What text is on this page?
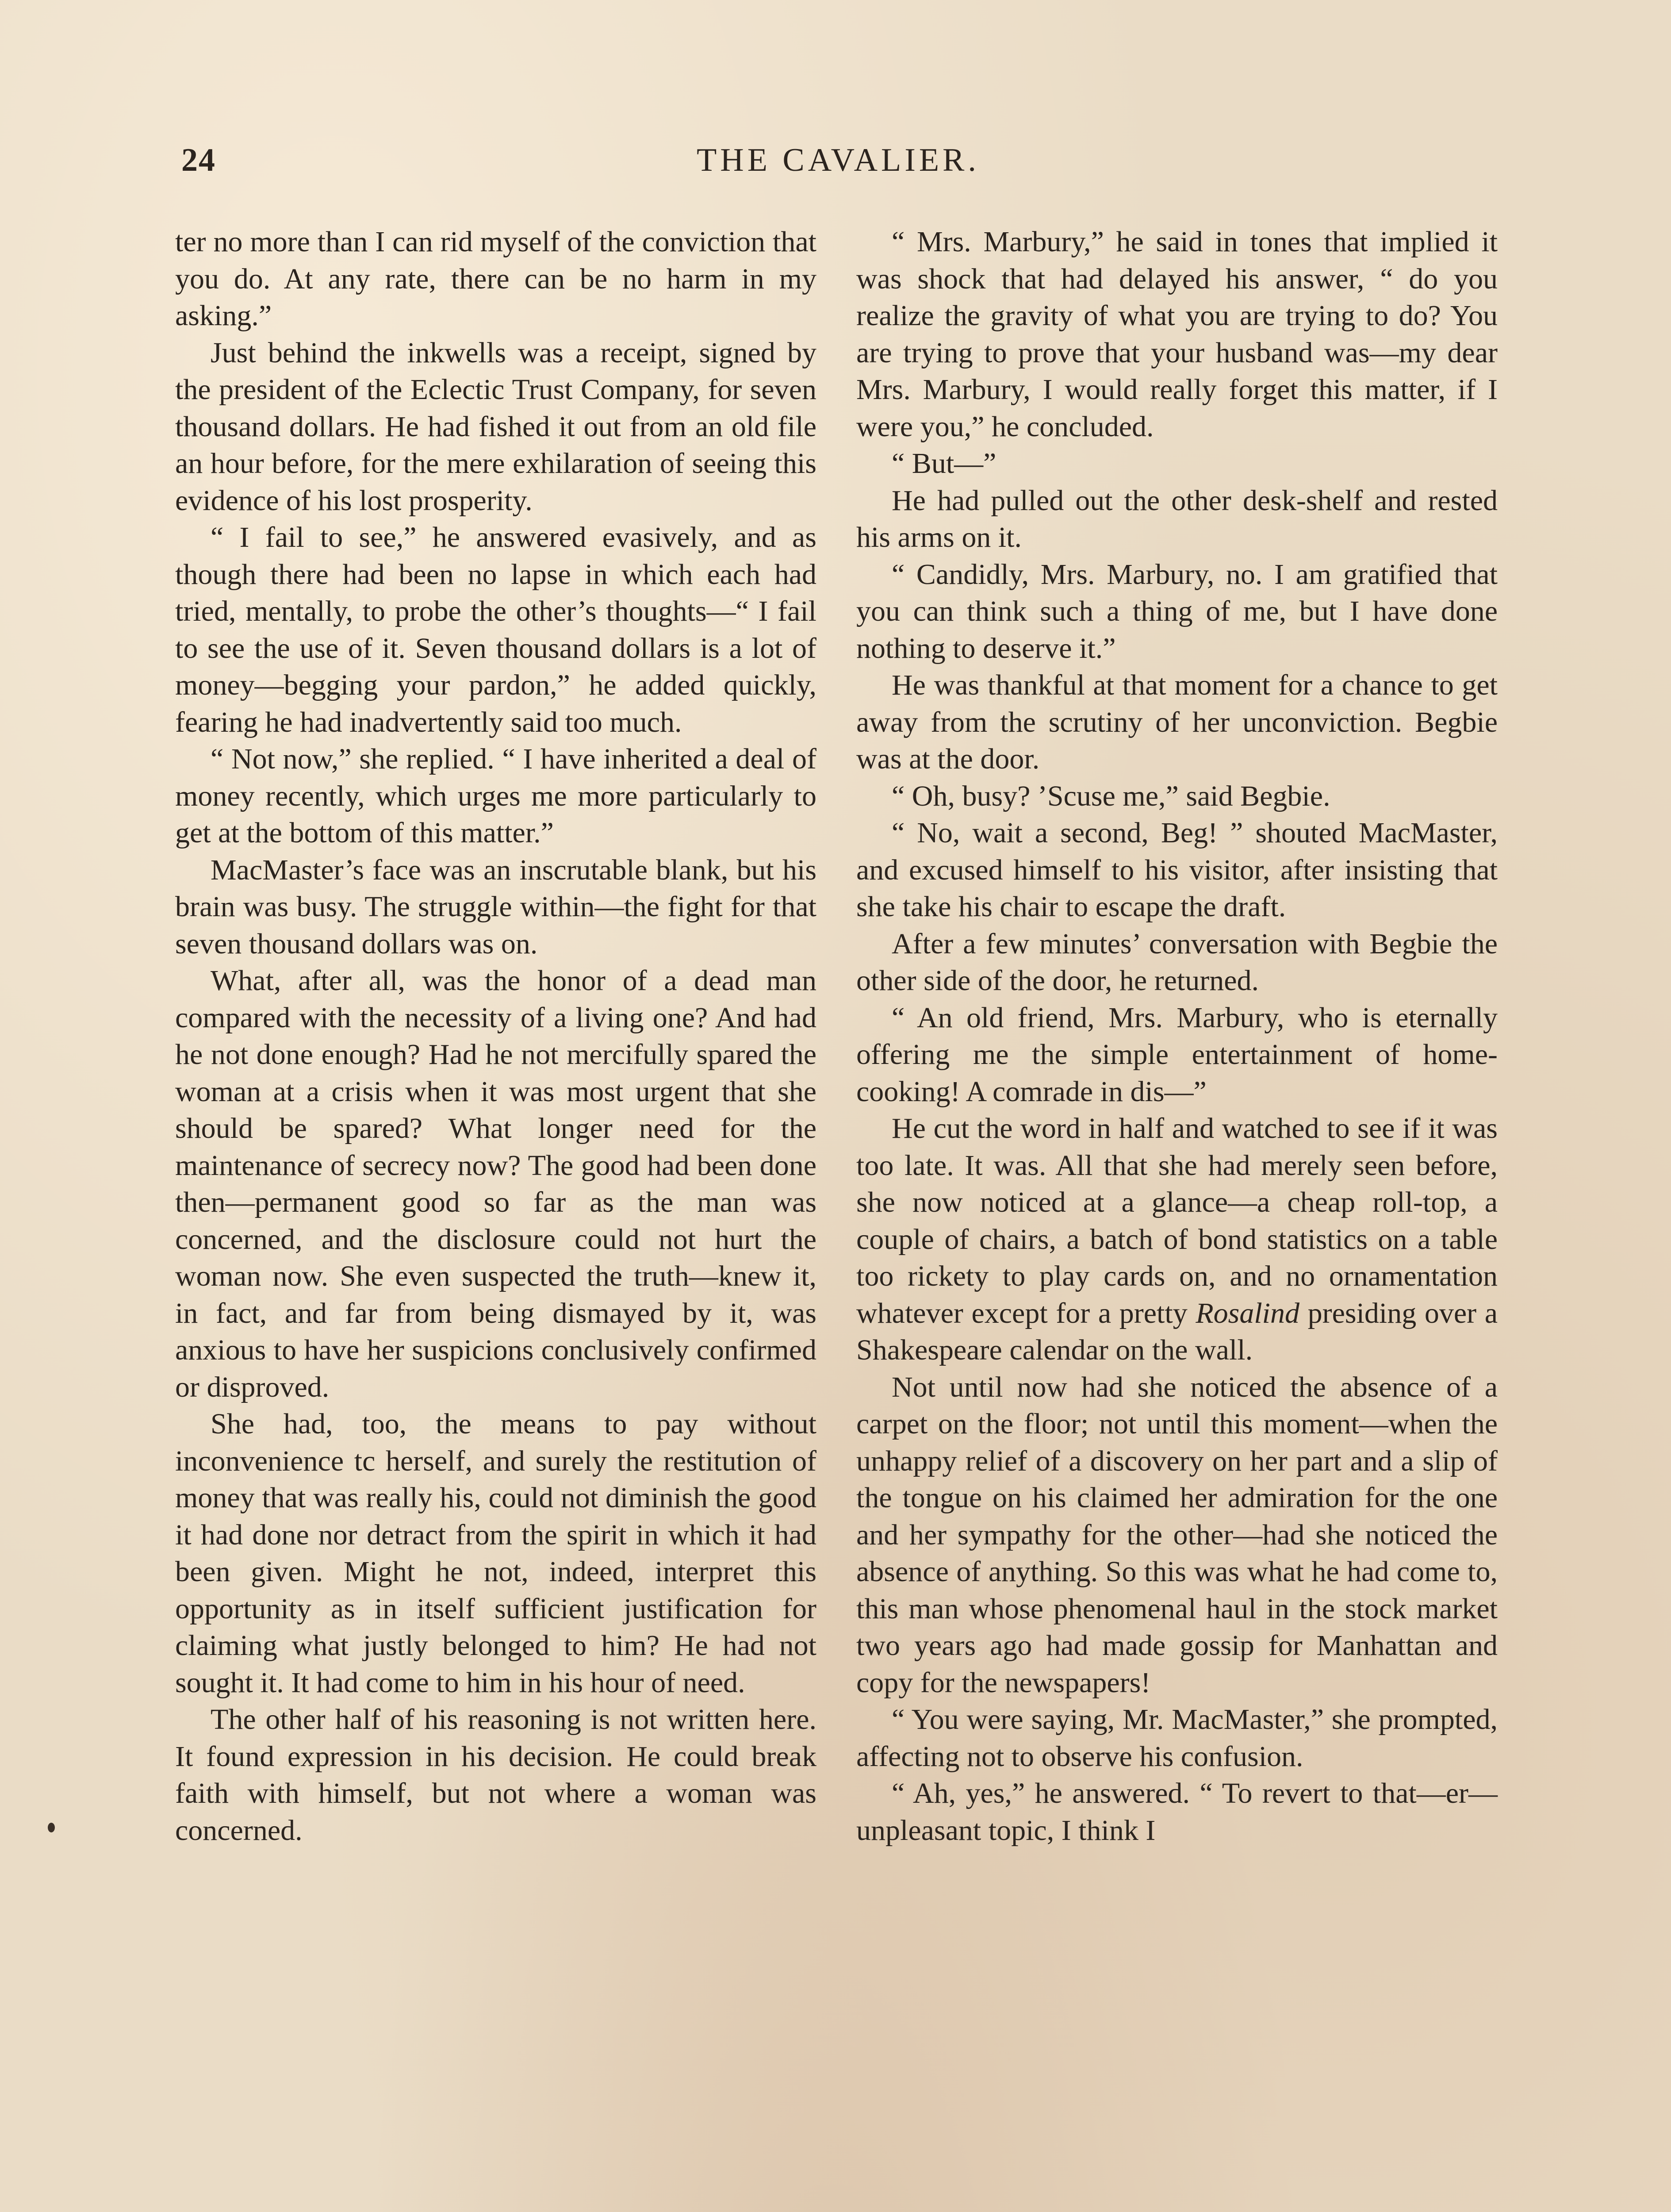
24	THE CAVALIER.

ter no more than I can rid myself of the conviction that you do. At any rate, there can be no harm in my asking.”

Just behind the inkwells was a receipt, signed by the president of the Eclectic Trust Company, for seven thousand dollars. He had fished it out from an old file an hour before, for the mere exhilaration of seeing this evidence of his lost prosperity.

“ I fail to see,” he answered evasively, and as though there had been no lapse in which each had tried, mentally, to probe the other’s thoughts—“ I fail to see the use of it. Seven thousand dollars is a lot of money—begging your pardon,” he added quickly, fearing he had inadvertently said too much.

“ Not now,” she replied. “ I have inherited a deal of money recently, which urges me more particularly to get at the bottom of this matter.”

MacMaster’s face was an inscrutable blank, but his brain was busy. The struggle within—the fight for that seven thousand dollars was on.

What, after all, was the honor of a dead man compared with the necessity of a living one? And had he not done enough? Had he not mercifully spared the woman at a crisis when it was most urgent that she should be spared? What longer need for the maintenance of secrecy now? The good had been done then—permanent good so far as the man was concerned, and the disclosure could not hurt the woman now. She even suspected the truth—knew it, in fact, and far from being dismayed by it, was anxious to have her suspicions conclusively confirmed or disproved.

She had, too, the means to pay without inconvenience tc herself, and surely the restitution of money that was really his, could not diminish the good it had done nor detract from the spirit in which it had been given. Might he not, indeed, interpret this opportunity as in itself sufficient justification for claiming what justly belonged to him? He had not sought it. It had come to him in his hour of need.

The other half of his reasoning is not written here. It found expression in his decision. He could break faith with himself, but not where a woman was concerned.

“ Mrs. Marbury,” he said in tones that implied it was shock that had delayed his answer, “ do you realize the gravity of what you are trying to do? You are trying to prove that your husband was—my dear Mrs. Marbury, I would really forget this matter, if I were you,” he concluded.

“ But—”

He had pulled out the other desk-shelf and rested his arms on it.

“ Candidly, Mrs. Marbury, no. I am gratified that you can think such a thing of me, but I have done nothing to deserve it.”

He was thankful at that moment for a chance to get away from the scrutiny of her unconviction. Begbie was at the door.

“ Oh, busy? ’Scuse me,” said Begbie.

“ No, wait a second, Beg! ” shouted MacMaster, and excused himself to his visitor, after insisting that she take his chair to escape the draft.

After a few minutes’ conversation with Begbie the other side of the door, he returned.

“ An old friend, Mrs. Marbury, who is eternally offering me the simple entertainment of home-cooking! A comrade in dis—”

He cut the word in half and watched to see if it was too late. It was. All that she had merely seen before, she now noticed at a glance—a cheap roll-top, a couple of chairs, a batch of bond statistics on a table too rickety to play cards on, and no ornamentation whatever except for a pretty Rosalind presiding over a Shakespeare calendar on the wall.

Not until now had she noticed the absence of a carpet on the floor; not until this moment—when the unhappy relief of a discovery on her part and a slip of the tongue on his claimed her admiration for the one and her sympathy for the other—had she noticed the absence of anything. So this was what he had come to, this man whose phenomenal haul in the stock market two years ago had made gossip for Manhattan and copy for the newspapers!

“ You were saying, Mr. MacMaster,” she prompted, affecting not to observe his confusion.

“ Ah, yes,” he answered. “ To revert to that—er—unpleasant topic, I think I
